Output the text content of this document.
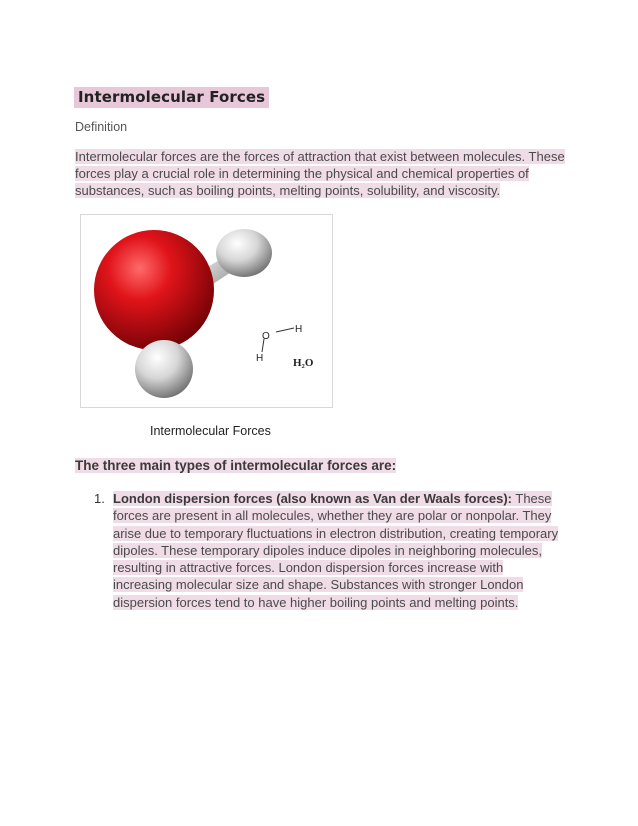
Intermolecular Forces
Definition
Intermolecular forces are the forces of attraction that exist between molecules. These forces play a crucial role in determining the physical and chemical properties of substances, such as boiling points, melting points, solubility, and viscosity.
H
O
H	H₂O
Intermolecular Forces
The three main types of intermolecular forces are:
1. London dispersion forces (also known as Van der Waals forces): These forces are present in all molecules, whether they are polar or nonpolar. They arise due to temporary fluctuations in electron distribution, creating temporary dipoles. These temporary dipoles induce dipoles in neighboring molecules, resulting in attractive forces. London dispersion forces increase with increasing molecular size and shape. Substances with stronger London dispersion forces tend to have higher boiling points and melting points.
